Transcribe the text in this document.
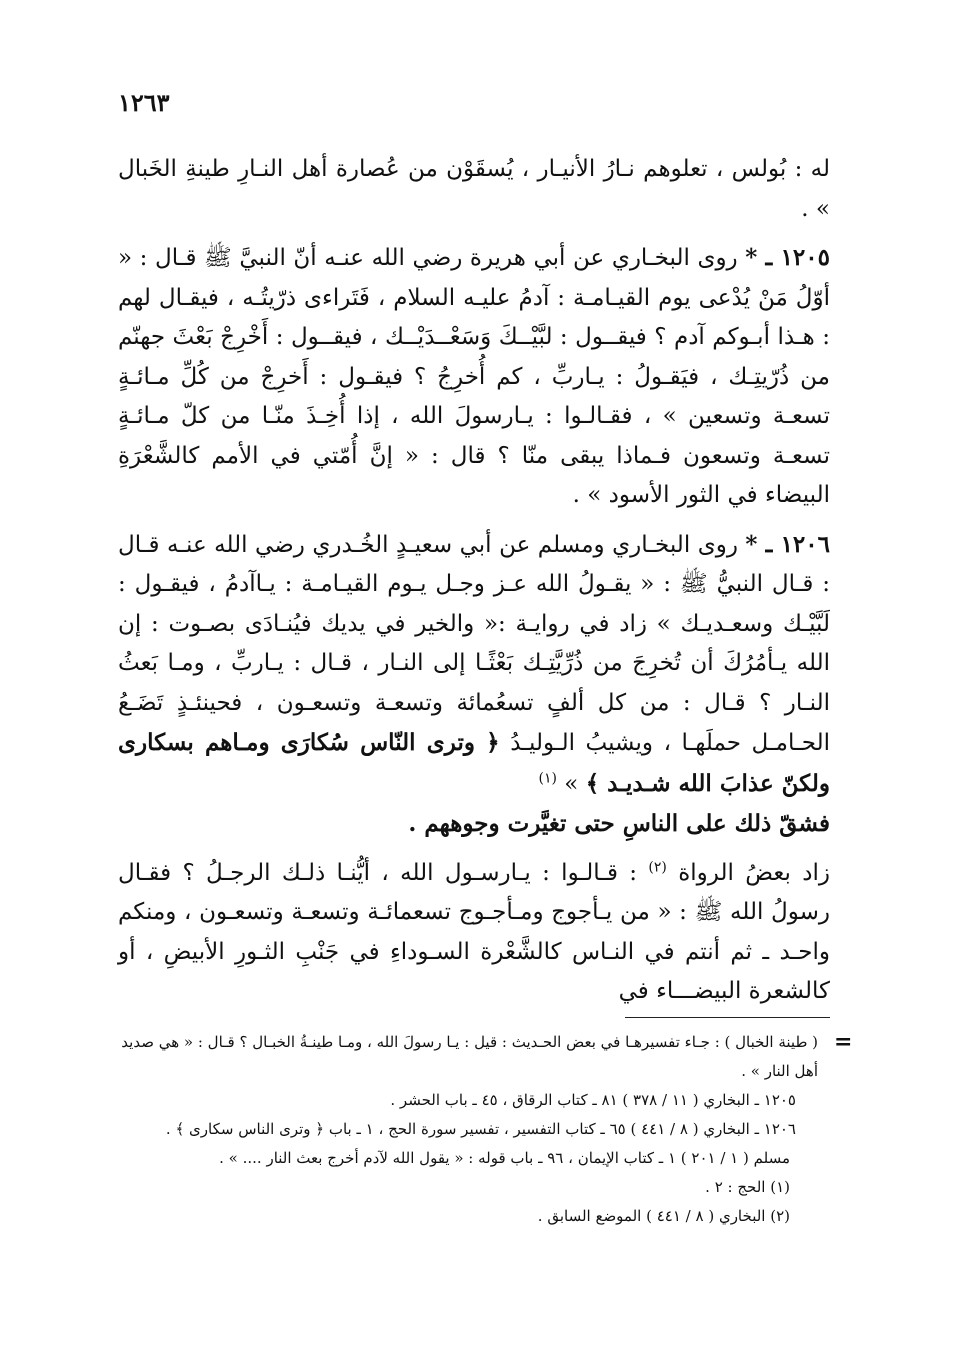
١٢٦٣

له : بُولس ، تعلوهم نـارُ الأنيـار ، يُسقَوْن من عُصارة أهل النـارِ طينةِ الخَبال » .

١٢٠٥ ـ * روى البخـاري عن أبي هريرة رضي الله عنـه أنّ النبيَّ ﷺ قـال : « أوّلُ مَنْ يُدْعى يوم القيـامـة : آدمُ عليـه السلام ، فَتَراءى ذرّيتُـه ، فيقـال لهم : هـذا أبـوكم آدم ؟ فيقــول : لبَّيْــكَ وَسَعْــدَيْــك ، فيقــول : أَخْرِجْ بَعْثَ جهنّم من ذُرّيتِـك ، فيَقـولُ : يـاربِّ ، كم أُخرِجُ ؟ فيقـول : أَخرِجْ من كُلِّ مـائـةٍ تسعـة وتسعين » ، فقـالـوا : يـارسولَ الله ، إذا أُخِـذَ منّـا من كلّ مـائـةٍ تسعـة وتسعون فـماذا يبقى منّا ؟ قال : « إنَّ أُمّتي في الأمم كالشَّعْرَةِ البيضاء في الثور الأسود » .

١٢٠٦ ـ * روى البخـاري ومسلم عن أبي سعيـدٍ الخُـدري رضي الله عنـه قـال : قـال النبيُّ ﷺ : « يقـولُ الله عـز وجـل يـوم القيـامـة : يـاآدمُ ، فيقـول : لَبَّيْـك وسعـديـك » زاد في روايـة :« والخير في يديك فيُنـادَى بصـوت : إن الله يـأمُرُكَ أن تُخرِجَ من ذُرِّيَّتِـك بَعْثًـا إلى النـار ، قـال : يـاربِّ ، ومـا بَعثُ النـار ؟ قـال : من كل ألفٍ تسعُمائة وتسعـة وتسعـون ، فحينئـذٍ تَضَـعُ الحـامـل حملَهـا ، ويشيبُ الـوليـدُ ﴿ وترى النّاس سُكارَى ومـاهم بسكارى ولكنّ عذابَ الله شـديـد ﴾ » $^{(١)}$
فشقّ ذلك على الناسِ حتى تغيَّرت وجوههم .

زاد بعضُ الرواة $^{(٢)}$ : قـالـوا : يـارسـول الله ، أيُّنـا ذلـك الرجـلُ ؟ فقـال رسولُ الله ﷺ : « من يـأجوج ومـأجـوج تسعمائـة وتسعـة وتسعـون ، ومنكم واحـد ـ ثم أنتم في النـاس كالشَّعْرة السـوداءِ في جَنْبِ الثـورِ الأبيضِ ، أو كالشعرة البيضـــاء في

=

( طينة الخبال ) : جـاء تفسيرهـا في بعض الحـديث : قيل : يـا رسولَ الله ، ومـا طينـةُ الخبـال ؟ قـال : « هي صديد أهل النار » .

١٢٠٥ ـ البخاري ( ١١ / ٣٧٨ ) ٨١ ـ كتاب الرقاق ، ٤٥ ـ باب الحشر .

١٢٠٦ ـ البخاري ( ٨ / ٤٤١ ) ٦٥ ـ كتاب التفسير ، تفسير سورة الحج ، ١ ـ باب ﴿ وترى الناس سكارى ﴾ .

مسلم ( ١ / ٢٠١ ) ١ ـ كتاب الإيمان ، ٩٦ ـ باب قوله : « يقول الله لآدم أخرج بعث النار .... » .

(١) الحج : ٢ .

(٢) البخاري ( ٨ / ٤٤١ ) الموضع السابق .
